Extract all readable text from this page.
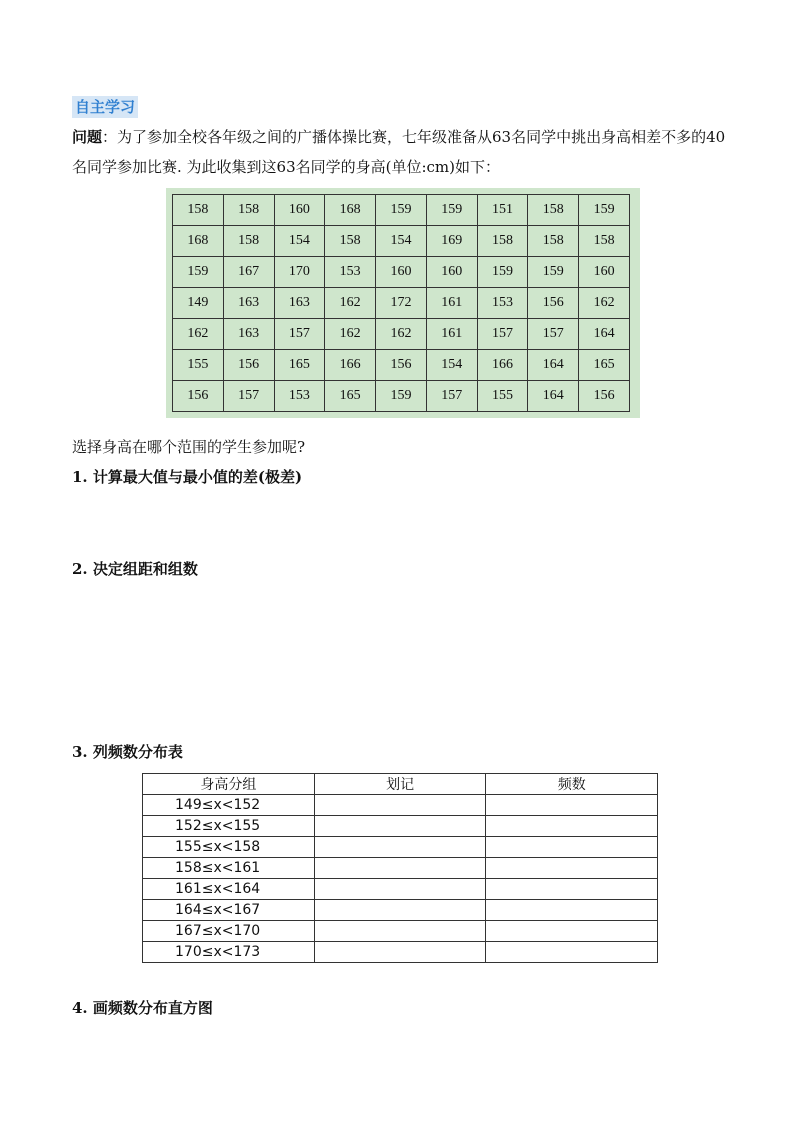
自主学习
问题：为了参加全校各年级之间的广播体操比赛，七年级准备从63名同学中挑出身高相差不多的40名同学参加比赛. 为此收集到这63名同学的身高(单位:cm)如下：
158	158	160	168	159	159	151	158	159
168	158	154	158	154	169	158	158	158
159	167	170	153	160	160	159	159	160
149	163	163	162	172	161	153	156	162
162	163	157	162	162	161	157	157	164
155	156	165	166	156	154	166	164	165
156	157	153	165	159	157	155	164	156
选择身高在哪个范围的学生参加呢?
1. 计算最大值与最小值的差(极差)
2. 决定组距和组数
3. 列频数分布表
身高分组	划记	频数
149≤x<152		
152≤x<155		
155≤x<158		
158≤x<161		
161≤x<164		
164≤x<167		
167≤x<170		
170≤x<173		
4. 画频数分布直方图
